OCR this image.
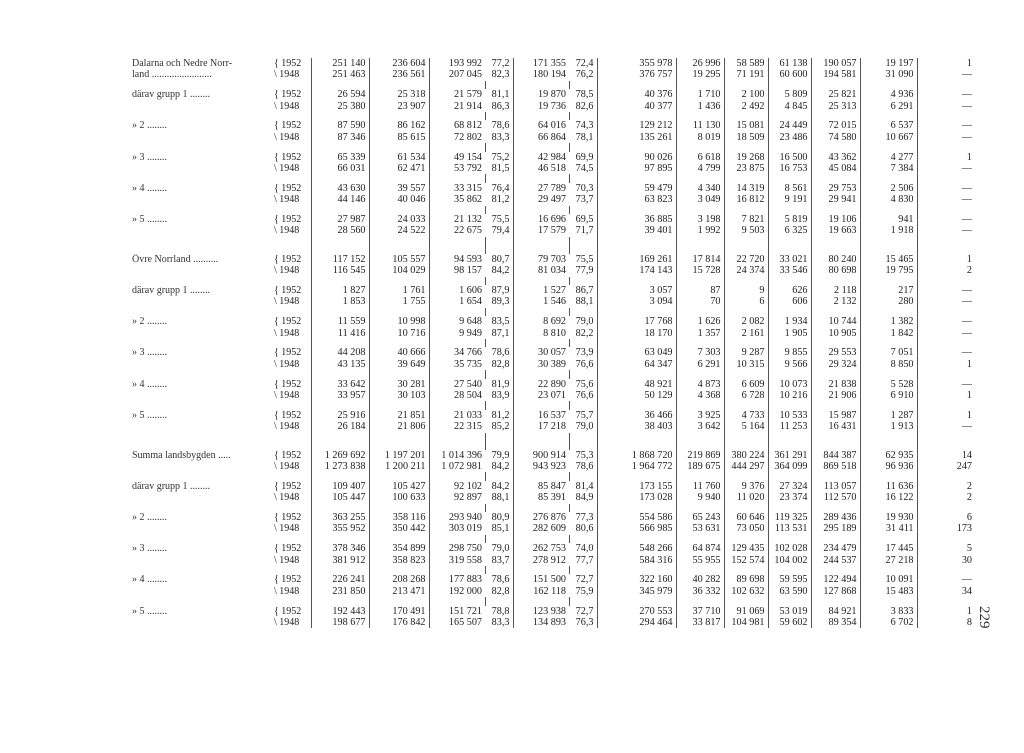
229
Dalarna och Nedre Norr-	{ 1952	251 140	236 604	193 992	77,2	171 355	72,4	355 978	26 996	58 589	61 138	190 057	19 197	1
land ........................	\ 1948	251 463	236 561	207 045	82,3	180 194	76,2	376 757	19 295	71 191	60 600	194 581	31 090	—

därav grupp 1 ........	{ 1952	26 594	25 318	21 579	81,1	19 870	78,5	40 376	1 710	2 100	5 809	25 821	4 936	—
	\ 1948	25 380	23 907	21 914	86,3	19 736	82,6	40 377	1 436	2 492	4 845	25 313	6 291	—

» 2 ........	{ 1952	87 590	86 162	68 812	78,6	64 016	74,3	129 212	11 130	15 081	24 449	72 015	6 537	—
	\ 1948	87 346	85 615	72 802	83,3	66 864	78,1	135 261	8 019	18 509	23 486	74 580	10 667	—

» 3 ........	{ 1952	65 339	61 534	49 154	75,2	42 984	69,9	90 026	6 618	19 268	16 500	43 362	4 277	1
	\ 1948	66 031	62 471	53 792	81,5	46 518	74,5	97 895	4 799	23 875	16 753	45 084	7 384	—

» 4 ........	{ 1952	43 630	39 557	33 315	76,4	27 789	70,3	59 479	4 340	14 319	8 561	29 753	2 506	—
	\ 1948	44 146	40 046	35 862	81,2	29 497	73,7	63 823	3 049	16 812	9 191	29 941	4 830	—

» 5 ........	{ 1952	27 987	24 033	21 132	75,5	16 696	69,5	36 885	3 198	7 821	5 819	19 106	941	—
	\ 1948	28 560	24 522	22 675	79,4	17 579	71,7	39 401	1 992	9 503	6 325	19 663	1 918	—

Övre Norrland ..........	{ 1952	117 152	105 557	94 593	80,7	79 703	75,5	169 261	17 814	22 720	33 021	80 240	15 465	1
	\ 1948	116 545	104 029	98 157	84,2	81 034	77,9	174 143	15 728	24 374	33 546	80 698	19 795	2

därav grupp 1 ........	{ 1952	1 827	1 761	1 606	87,9	1 527	86,7	3 057	87	9	626	2 118	217	—
	\ 1948	1 853	1 755	1 654	89,3	1 546	88,1	3 094	70	6	606	2 132	280	—

» 2 ........	{ 1952	11 559	10 998	9 648	83,5	8 692	79,0	17 768	1 626	2 082	1 934	10 744	1 382	—
	\ 1948	11 416	10 716	9 949	87,1	8 810	82,2	18 170	1 357	2 161	1 905	10 905	1 842	—

» 3 ........	{ 1952	44 208	40 666	34 766	78,6	30 057	73,9	63 049	7 303	9 287	9 855	29 553	7 051	—
	\ 1948	43 135	39 649	35 735	82,8	30 389	76,6	64 347	6 291	10 315	9 566	29 324	8 850	1

» 4 ........	{ 1952	33 642	30 281	27 540	81,9	22 890	75,6	48 921	4 873	6 609	10 073	21 838	5 528	—
	\ 1948	33 957	30 103	28 504	83,9	23 071	76,6	50 129	4 368	6 728	10 216	21 906	6 910	1

» 5 ........	{ 1952	25 916	21 851	21 033	81,2	16 537	75,7	36 466	3 925	4 733	10 533	15 987	1 287	1
	\ 1948	26 184	21 806	22 315	85,2	17 218	79,0	38 403	3 642	5 164	11 253	16 431	1 913	—

Summa landsbygden .....	{ 1952	1 269 692	1 197 201	1 014 396	79,9	900 914	75,3	1 868 720	219 869	380 224	361 291	844 387	62 935	14
	\ 1948	1 273 838	1 200 211	1 072 981	84,2	943 923	78,6	1 964 772	189 675	444 297	364 099	869 518	96 936	247

därav grupp 1 ........	{ 1952	109 407	105 427	92 102	84,2	85 847	81,4	173 155	11 760	9 376	27 324	113 057	11 636	2
	\ 1948	105 447	100 633	92 897	88,1	85 391	84,9	173 028	9 940	11 020	23 374	112 570	16 122	2

» 2 ........	{ 1952	363 255	358 116	293 940	80,9	276 876	77,3	554 586	65 243	60 646	119 325	289 436	19 930	6
	\ 1948	355 952	350 442	303 019	85,1	282 609	80,6	566 985	53 631	73 050	113 531	295 189	31 411	173

» 3 ........	{ 1952	378 346	354 899	298 750	79,0	262 753	74,0	548 266	64 874	129 435	102 028	234 479	17 445	5
	\ 1948	381 912	358 823	319 558	83,7	278 912	77,7	584 316	55 955	152 574	104 002	244 537	27 218	30

» 4 ........	{ 1952	226 241	208 268	177 883	78,6	151 500	72,7	322 160	40 282	89 698	59 595	122 494	10 091	—
	\ 1948	231 850	213 471	192 000	82,8	162 118	75,9	345 979	36 332	102 632	63 590	127 868	15 483	34

» 5 ........	{ 1952	192 443	170 491	151 721	78,8	123 938	72,7	270 553	37 710	91 069	53 019	84 921	3 833	1
	\ 1948	198 677	176 842	165 507	83,3	134 893	76,3	294 464	33 817	104 981	59 602	89 354	6 702	8
